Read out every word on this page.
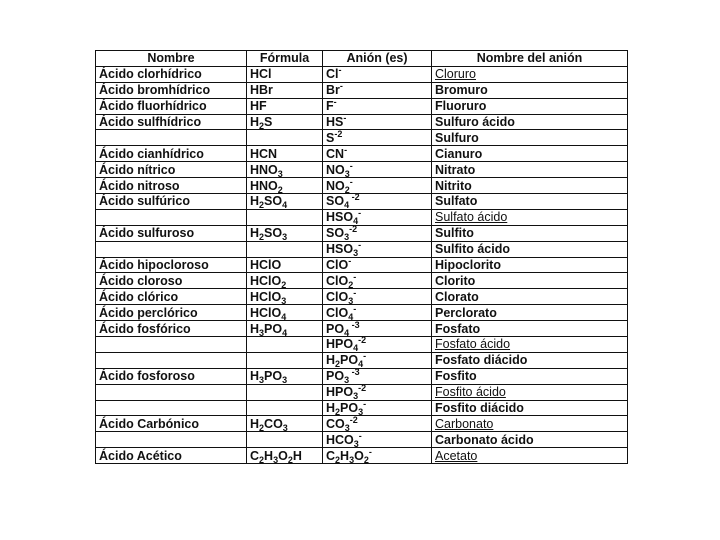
Nombre	Fórmula	Anión (es)	Nombre del anión
Ácido clorhídrico	HCl	Cl-	Cloruro
Ácido bromhídrico	HBr	Br-	Bromuro
Ácido fluorhídrico	HF	F-	Fluoruro
Ácido sulfhídrico	$H_2S$	HS-	Sulfuro ácido
		$S^{-2}$	Sulfuro
Ácido cianhídrico	HCN	CN-	Cianuro
Ácido nítrico	$HNO_3$	$NO_3^-$	Nitrato
Ácido nitroso	$HNO_2$	$NO_2^-$	Nitrito
Ácido sulfúrico	$H_2SO_4$	$SO_4$ $^{-2}$	Sulfato
		$HSO_4^-$	Sulfato ácido
Ácido sulfuroso	$H_2SO_3$	$SO_3^{-2}$	Sulfito
		$HSO_3^-$	Sulfito ácido
Ácido hipocloroso	HClO	ClO-	Hipoclorito
Ácido cloroso	HClO$_2$	ClO$_2$-	Clorito
Ácido clórico	HClO$_3$	ClO$_3$-	Clorato
Ácido perclórico	HClO$_4$	ClO$_4$-	Perclorato
Ácido fosfórico	$H_3PO_4$	$PO_4$ $^{-3}$	Fosfato
		$HPO_4^{-2}$	Fosfato ácido
		$H_2PO_4^-$	Fosfato diácido
Ácido fosforoso	$H_3PO_3$	$PO_3$ $^{-3}$	Fosfito
		$HPO_3^{-2}$	Fosfito ácido
		$H_2PO_3^-$	Fosfito diácido
Ácido Carbónico	$H_2CO_3$	$CO_3^{-2}$	Carbonato
		$HCO_3^-$	Carbonato ácido
Ácido Acético	$C_2H_3O_2H$	$C_2H_3O_2^-$	Acetato
